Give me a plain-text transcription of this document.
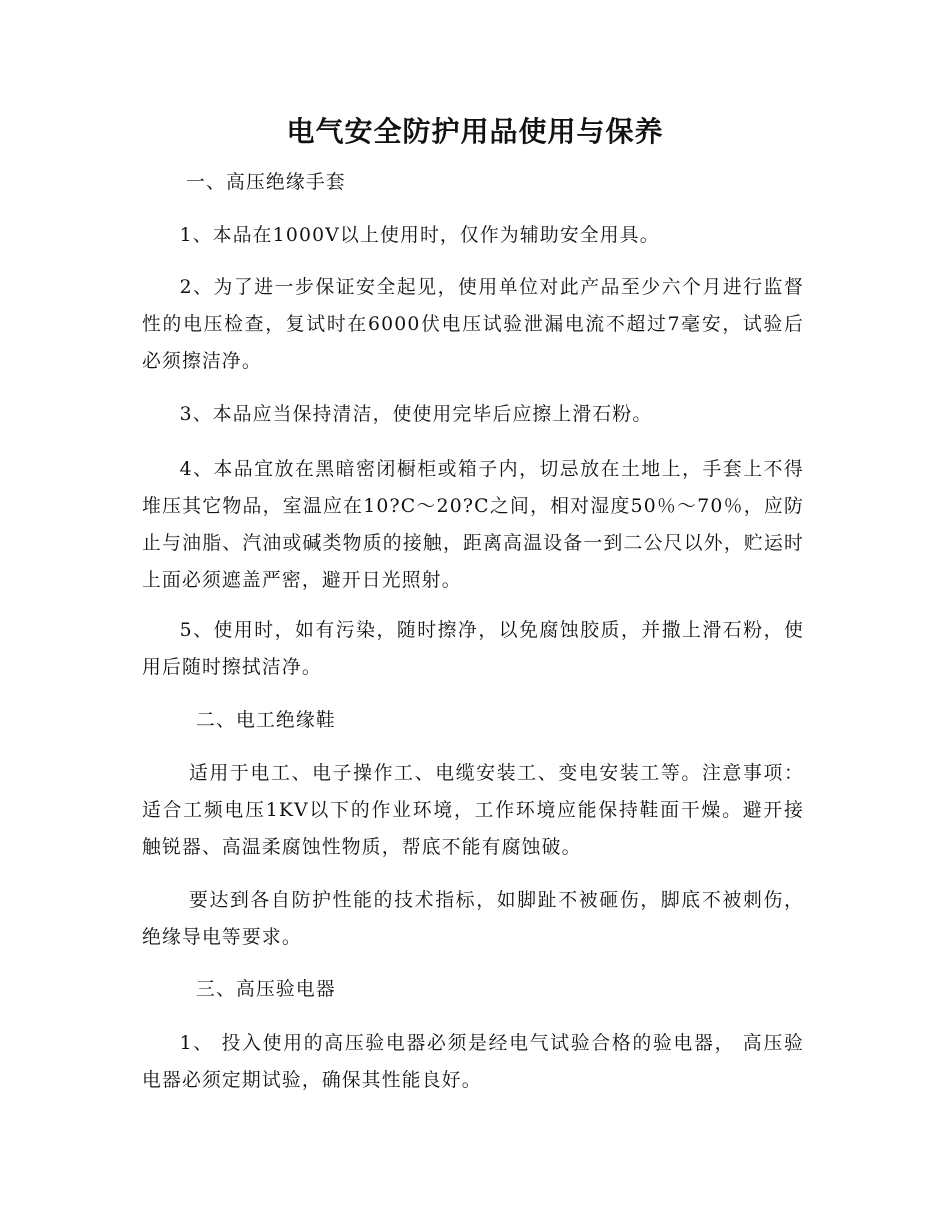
电气安全防护用品使用与保养

一、高压绝缘手套

1、本品在1000V以上使用时，仅作为辅助安全用具。

2、为了进一步保证安全起见，使用单位对此产品至少六个月进行监督性的电压检查，复试时在6000伏电压试验泄漏电流不超过7毫安，试验后必须擦洁净。

3、本品应当保持清洁，使使用完毕后应擦上滑石粉。

4、本品宜放在黑暗密闭橱柜或箱子内，切忌放在土地上，手套上不得堆压其它物品，室温应在10?C～20?C之间，相对湿度50％～70％，应防止与油脂、汽油或碱类物质的接触，距离高温设备一到二公尺以外，贮运时上面必须遮盖严密，避开日光照射。

5、使用时，如有污染，随时擦净，以免腐蚀胶质，并撒上滑石粉，使用后随时擦拭洁净。

二、电工绝缘鞋

适用于电工、电子操作工、电缆安装工、变电安装工等。注意事项：适合工频电压1KV以下的作业环境，工作环境应能保持鞋面干燥。避开接触锐器、高温柔腐蚀性物质，帮底不能有腐蚀破。

要达到各自防护性能的技术指标，如脚趾不被砸伤，脚底不被刺伤，绝缘导电等要求。

三、高压验电器

1、 投入使用的高压验电器必须是经电气试验合格的验电器， 高压验电器必须定期试验，确保其性能良好。
